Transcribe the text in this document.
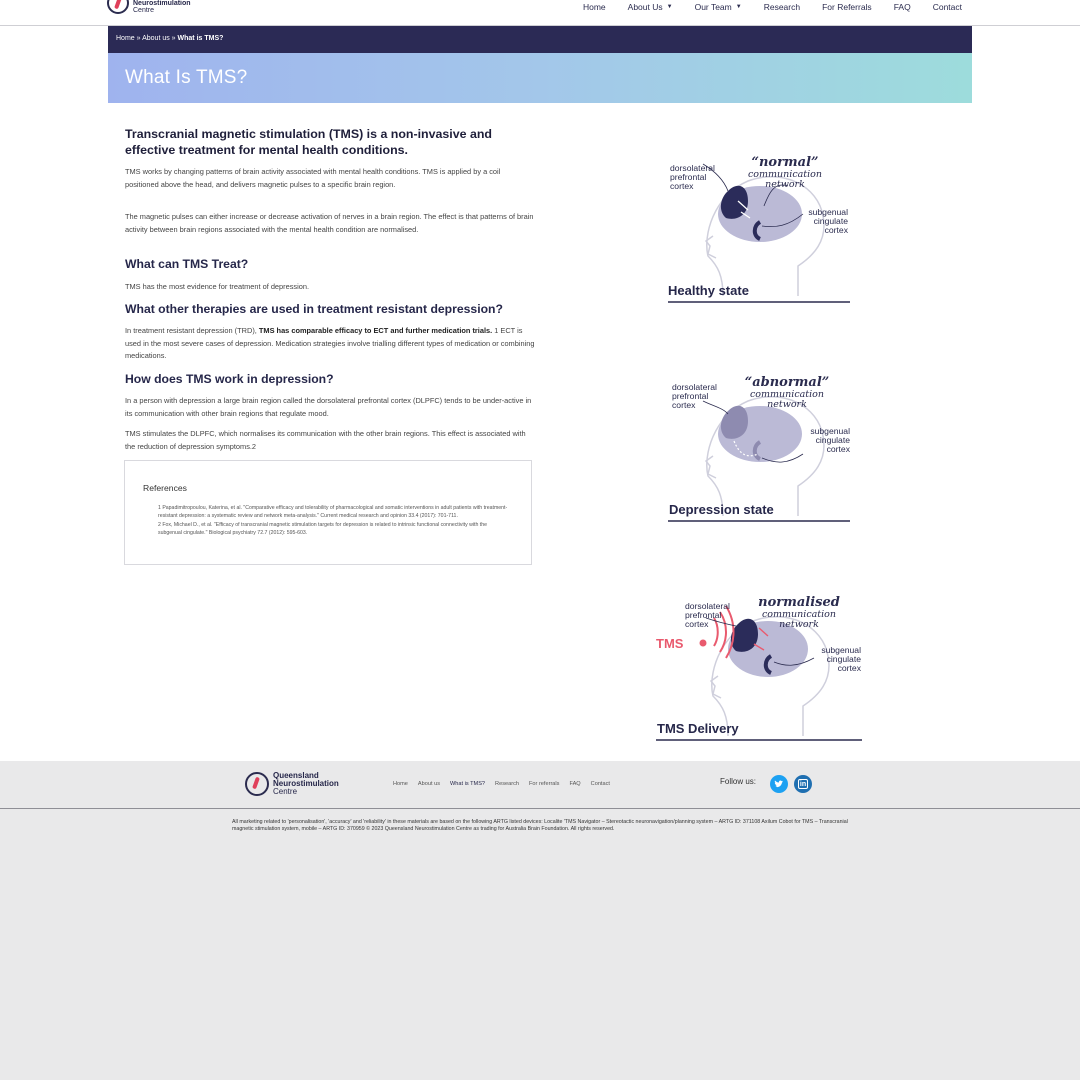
Neurostimulation
Centre	Home	About Us ▼	Our Team ▼	Research	For Referrals	FAQ	Contact
Home » About us » What is TMS?
What Is TMS?
Transcranial magnetic stimulation (TMS) is a non-invasive and effective treatment for mental health conditions.
TMS works by changing patterns of brain activity associated with mental health conditions. TMS is applied by a coil positioned above the head, and delivers magnetic pulses to a specific brain region.
The magnetic pulses can either increase or decrease activation of nerves in a brain region. The effect is that patterns of brain activity between brain regions associated with the mental health condition are normalised.
What can TMS Treat?
TMS has the most evidence for treatment of depression.
What other therapies are used in treatment resistant depression?
In treatment resistant depression (TRD), TMS has comparable efficacy to ECT and further medication trials. 1 ECT is used in the most severe cases of depression. Medication strategies involve trialling different types of medication or combining medications.
How does TMS work in depression?
In a person with depression a large brain region called the dorsolateral prefrontal cortex (DLPFC) tends to be under-active in its communication with other brain regions that regulate mood.
TMS stimulates the DLPFC, which normalises its communication with the other brain regions. This effect is associated with the reduction of depression symptoms.2
References
1 Papadimitropoulou, Katerina, et al. "Comparative efficacy and tolerability of pharmacological and somatic interventions in adult patients with treatment‐resistant depression: a systematic review and network meta-analysis." Current medical research and opinion 33.4 (2017): 701-711.
2 Fox, Michael D., et al. "Efficacy of transcranial magnetic stimulation targets for depression is related to intrinsic functional connectivity with the subgenual cingulate." Biological psychiatry 72.7 (2012): 595-603.
dorsolateral
prefrontal
cortex
“normal”
communication
network
subgenual
cingulate
cortex
Healthy state
dorsolateral
prefrontal
cortex
“abnormal”
communication
network
subgenual
cingulate
cortex
Depression state
dorsolateral
prefrontal
cortex
normalised
communication
network
subgenual
cingulate
cortex
TMS
TMS Delivery
Queensland
Neurostimulation
Centre
Home About us What is TMS? Research For referrals FAQ Contact	Follow us:	in
All marketing related to 'personalisation', 'accuracy' and 'reliability' in these materials are based on the following ARTG listed devices: Localite 'TMS Navigator – Stereotactic neuronavigation/planning system – ARTG ID: 371108 Axilum Cobot for TMS – Transcranial magnetic stimulation system, mobile – ARTG ID: 370959 © 2023 Queensland Neurostimulation Centre as trading for Australia Brain Foundation. All rights reserved.
